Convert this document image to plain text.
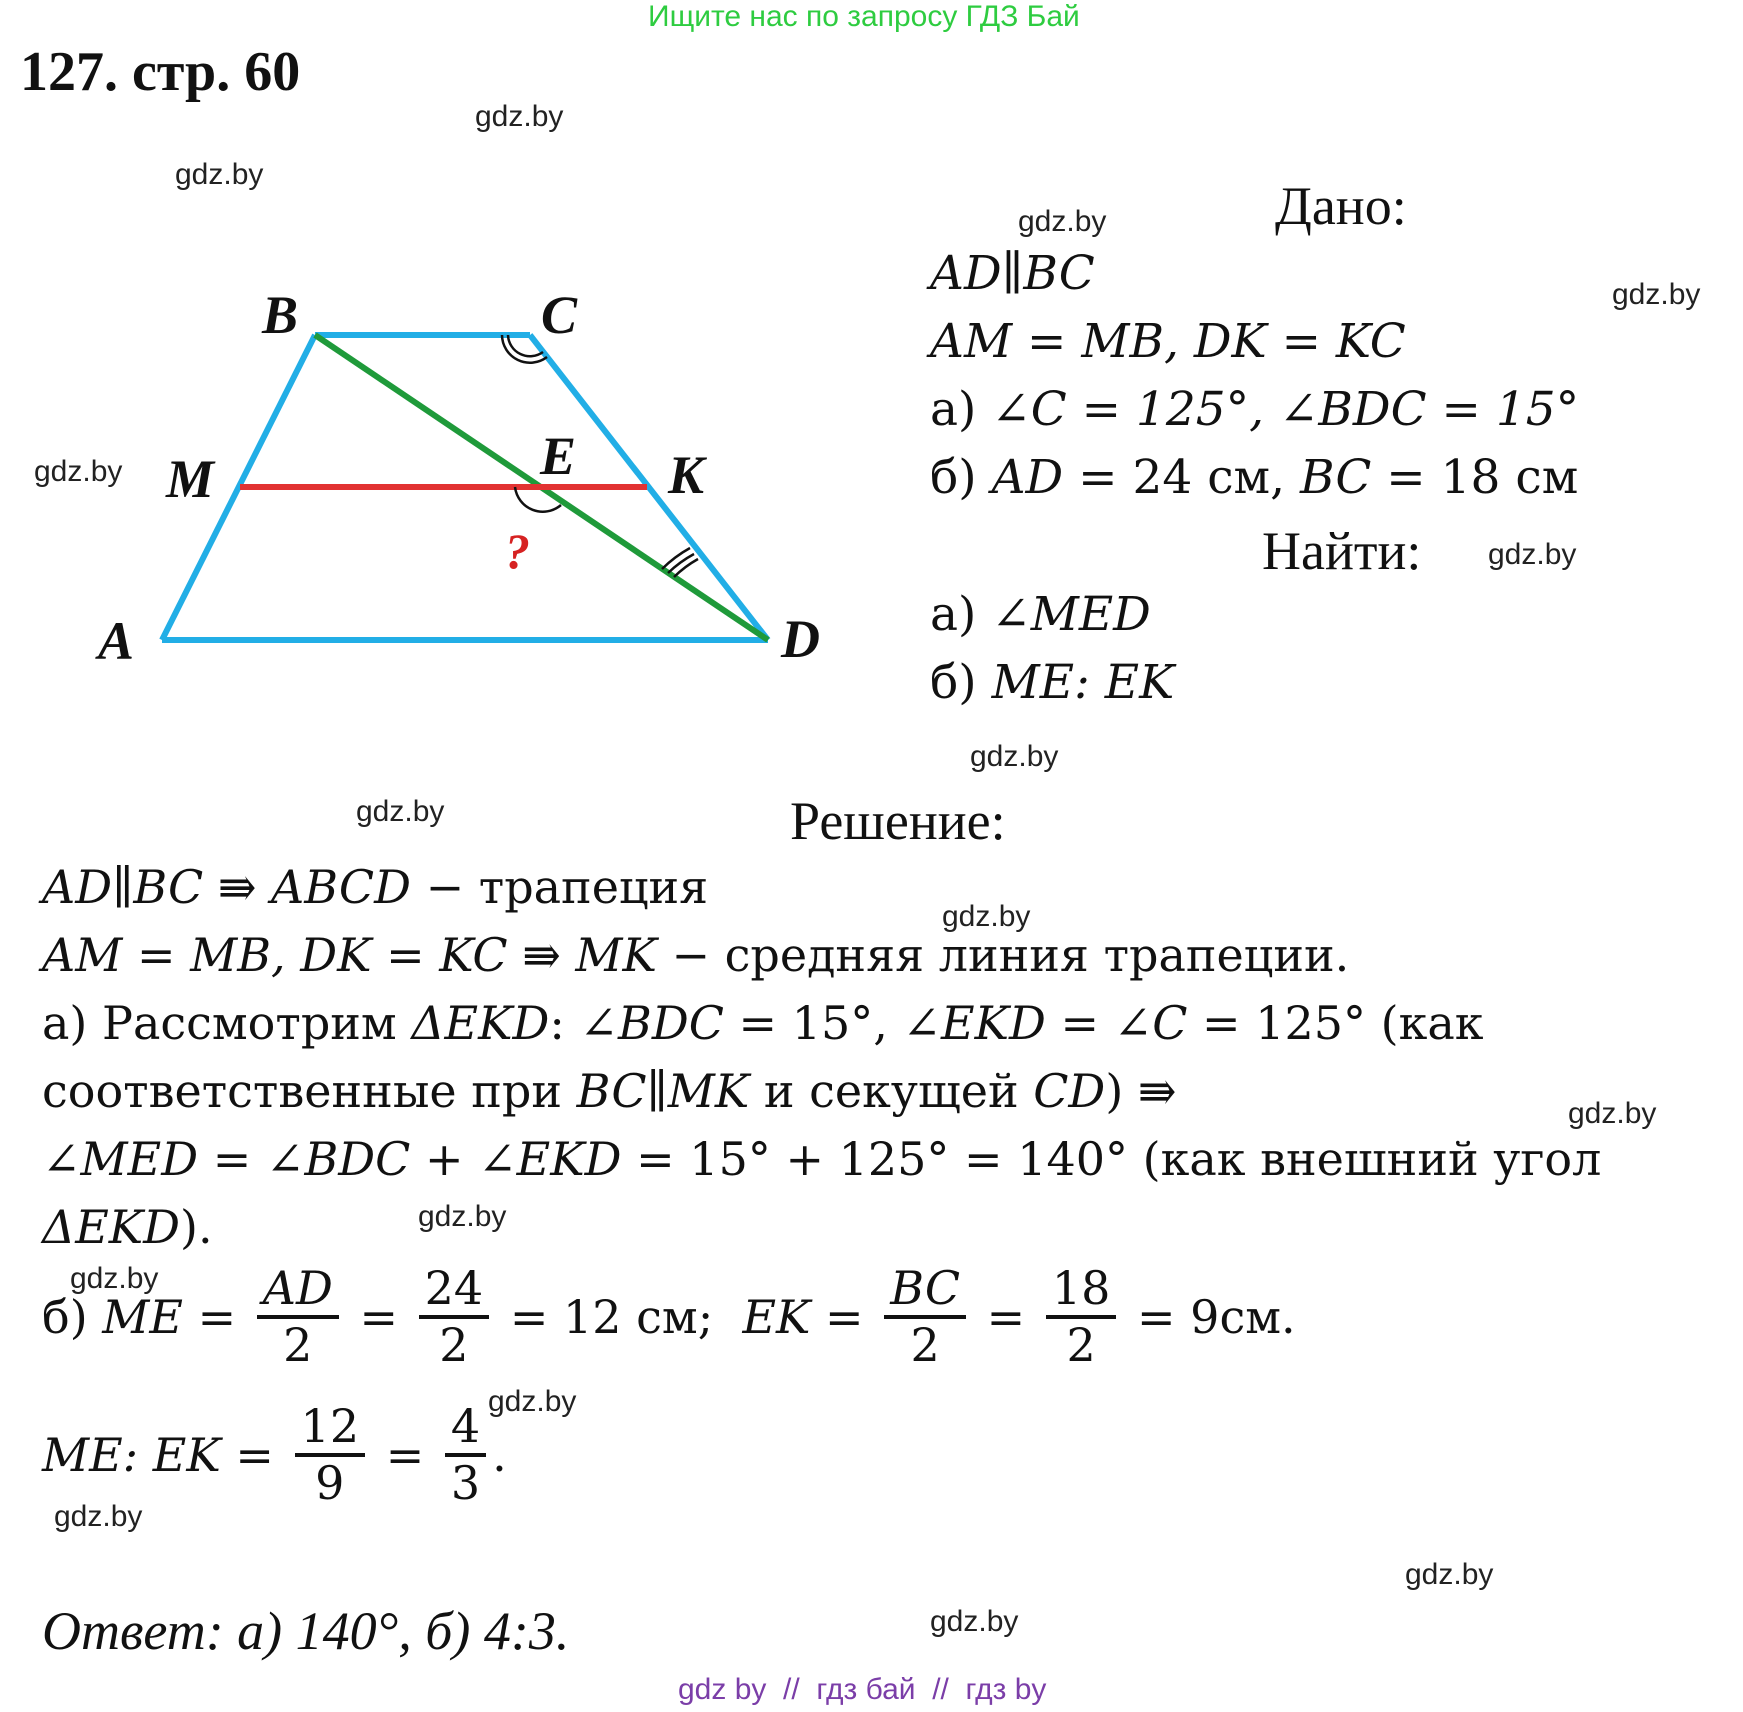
Ищите нас по запросу ГДЗ Бай
127. стр. 60
B	C
M	E K
A	D
?
Дано:
AD∥BC
AM = MB, DK = KC
а) ∠C = 125°, ∠BDC = 15°
б) AD = 24 см, BC = 18 см
Найти:
а) ∠MED
б) ME: EK
Решение:
AD∥BC ⇛ ABCD − трапеция
AM = MB, DK = KC ⇛ MK − средняя линия трапеции.
а) Рассмотрим ΔEKD: ∠BDC = 15°, ∠EKD = ∠C = 125° (как
соответственные при BC∥MK и секущей CD) ⇛
∠MED = ∠BDC + ∠EKD = 15° + 125° = 140° (как внешний угол
ΔEKD).
б)
ME = $\frac{AD}{2} = \frac{24}{2} = 12$ см;
EK = $\frac{BC}{2} = \frac{18}{2} = 9см$.
ME: EK = $\frac{12}{9} = \frac{4}{3}$ .
Ответ: а) 140°, б) 4:3.
gdz.by
gdz.by
gdz.by
gdz.by
gdz.by
gdz.by
gdz.by
gdz.by
gdz.by
gdz.by
gdz.by
gdz.by
gdz.by
gdz.by
gdz.by
gdz.by
gdz by  //  гдз бай  //  гдз by
